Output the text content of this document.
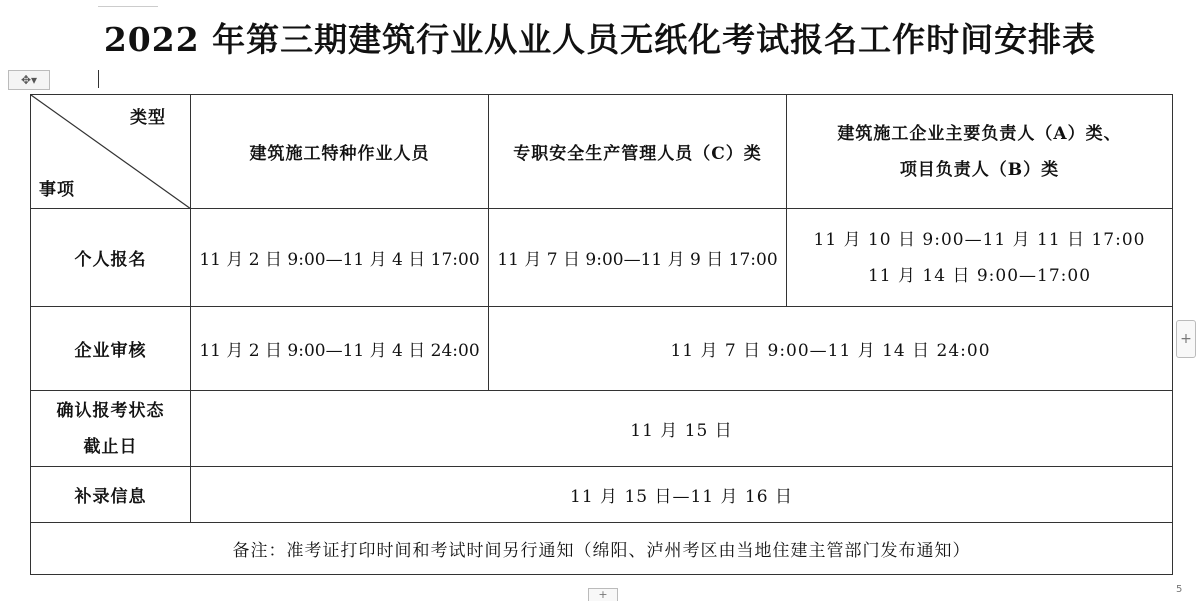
2022 年第三期建筑行业从业人员无纸化考试报名工作时间安排表
✥▾
类型
事项	建筑施工特种作业人员	专职安全生产管理人员（C）类	建筑施工企业主要负责人（A）类、
项目负责人（B）类

个人报名	11 月 2 日 9:00—11 月 4 日 17:00	11 月 7 日 9:00—11 月 9 日 17:00	11 月 10 日 9:00—11 月 11 日 17:00
11 月 14 日 9:00—17:00

企业审核	11 月 2 日 9:00—11 月 4 日 24:00	11 月 7 日 9:00—11 月 14 日 24:00	

确认报考状态
截止日	11 月 15 日		
补录信息	11 月 15 日—11 月 16 日		
备注：准考证打印时间和考试时间另行通知（绵阳、泸州考区由当地住建主管部门发布通知）			
+
+	5
